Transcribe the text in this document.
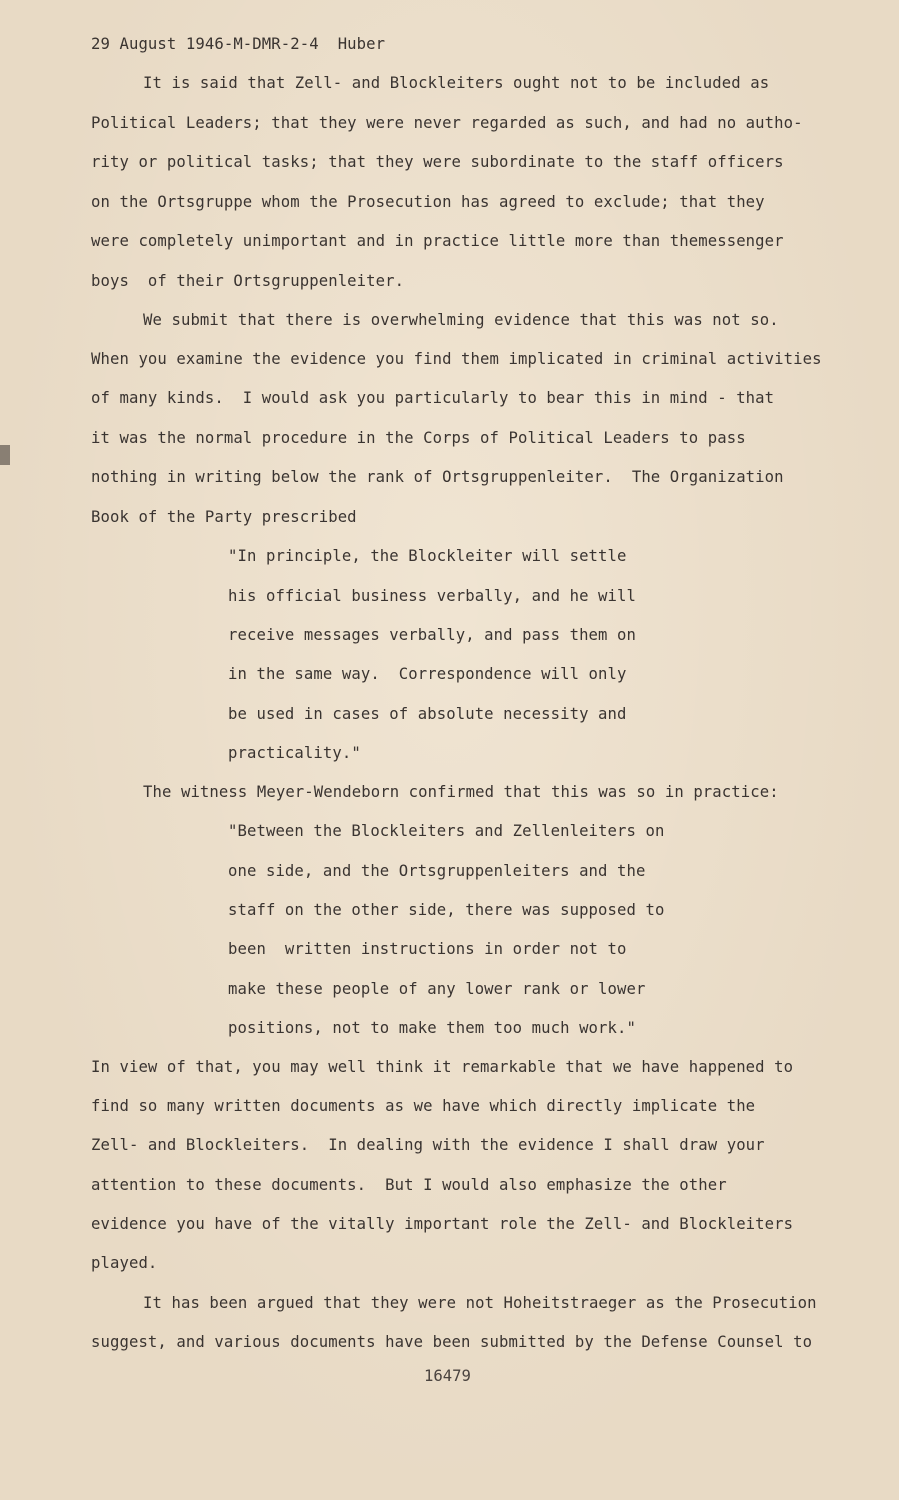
29 August 1946-M-DMR-2-4  Huber
It is said that Zell- and Blockleiters ought not to be included as
Political Leaders; that they were never regarded as such, and had no autho-
rity or political tasks; that they were subordinate to the staff officers
on the Ortsgruppe whom the Prosecution has agreed to exclude; that they
were completely unimportant and in practice little more than themessenger
boys  of their Ortsgruppenleiter.
We submit that there is overwhelming evidence that this was not so.
When you examine the evidence you find them implicated in criminal activities
of many kinds.  I would ask you particularly to bear this in mind - that
it was the normal procedure in the Corps of Political Leaders to pass
nothing in writing below the rank of Ortsgruppenleiter.  The Organization
Book of the Party prescribed
"In principle, the Blockleiter will settle
his official business verbally, and he will
receive messages verbally, and pass them on
in the same way.  Correspondence will only
be used in cases of absolute necessity and
practicality."
The witness Meyer-Wendeborn confirmed that this was so in practice:
"Between the Blockleiters and Zellenleiters on
one side, and the Ortsgruppenleiters and the
staff on the other side, there was supposed to
been  written instructions in order not to
make these people of any lower rank or lower
positions, not to make them too much work."
In view of that, you may well think it remarkable that we have happened to
find so many written documents as we have which directly implicate the
Zell- and Blockleiters.  In dealing with the evidence I shall draw your
attention to these documents.  But I would also emphasize the other
evidence you have of the vitally important role the Zell- and Blockleiters
played.
It has been argued that they were not Hoheitstraeger as the Prosecution
suggest, and various documents have been submitted by the Defense Counsel to
16479
